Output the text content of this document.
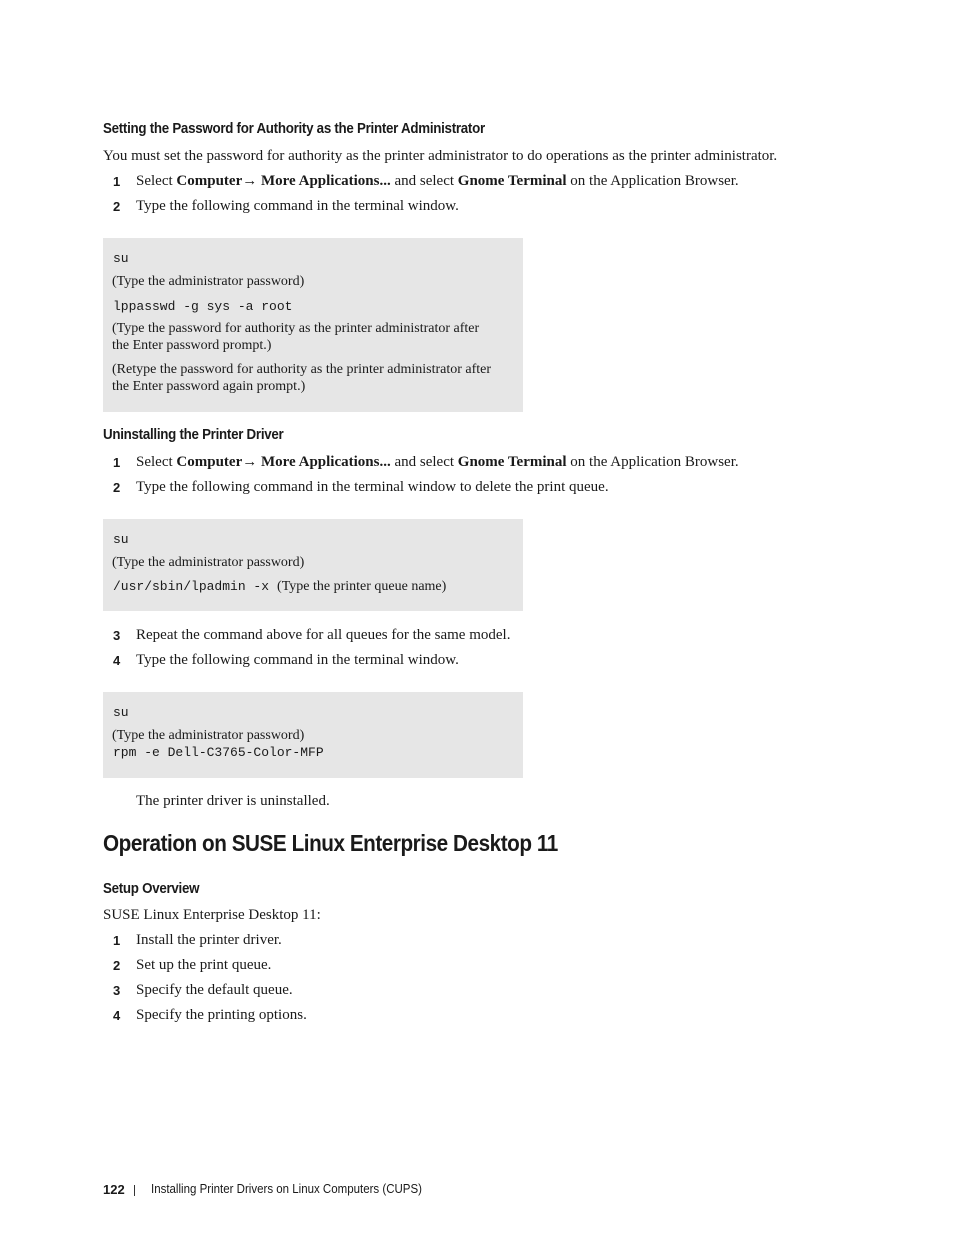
Setting the Password for Authority as the Printer Administrator
You must set the password for authority as the printer administrator to do operations as the printer administrator.
1 Select Computer→ More Applications... and select Gnome Terminal on the Application Browser.
2 Type the following command in the terminal window.
su
(Type the administrator password)
lppasswd -g sys -a root
(Type the password for authority as the printer administrator after
the Enter password prompt.)
(Retype the password for authority as the printer administrator after
the Enter password again prompt.)
Uninstalling the Printer Driver
1 Select Computer→ More Applications... and select Gnome Terminal on the Application Browser.
2 Type the following command in the terminal window to delete the print queue.
su
(Type the administrator password)
/usr/sbin/lpadmin -x (Type the printer queue name)
3 Repeat the command above for all queues for the same model.
4 Type the following command in the terminal window.
su
(Type the administrator password)
rpm -e Dell-C3765-Color-MFP
The printer driver is uninstalled.
Operation on SUSE Linux Enterprise Desktop 11
Setup Overview
SUSE Linux Enterprise Desktop 11:
1 Install the printer driver.
2 Set up the print queue.
3 Specify the default queue.
4 Specify the printing options.
122 Installing Printer Drivers on Linux Computers (CUPS)
